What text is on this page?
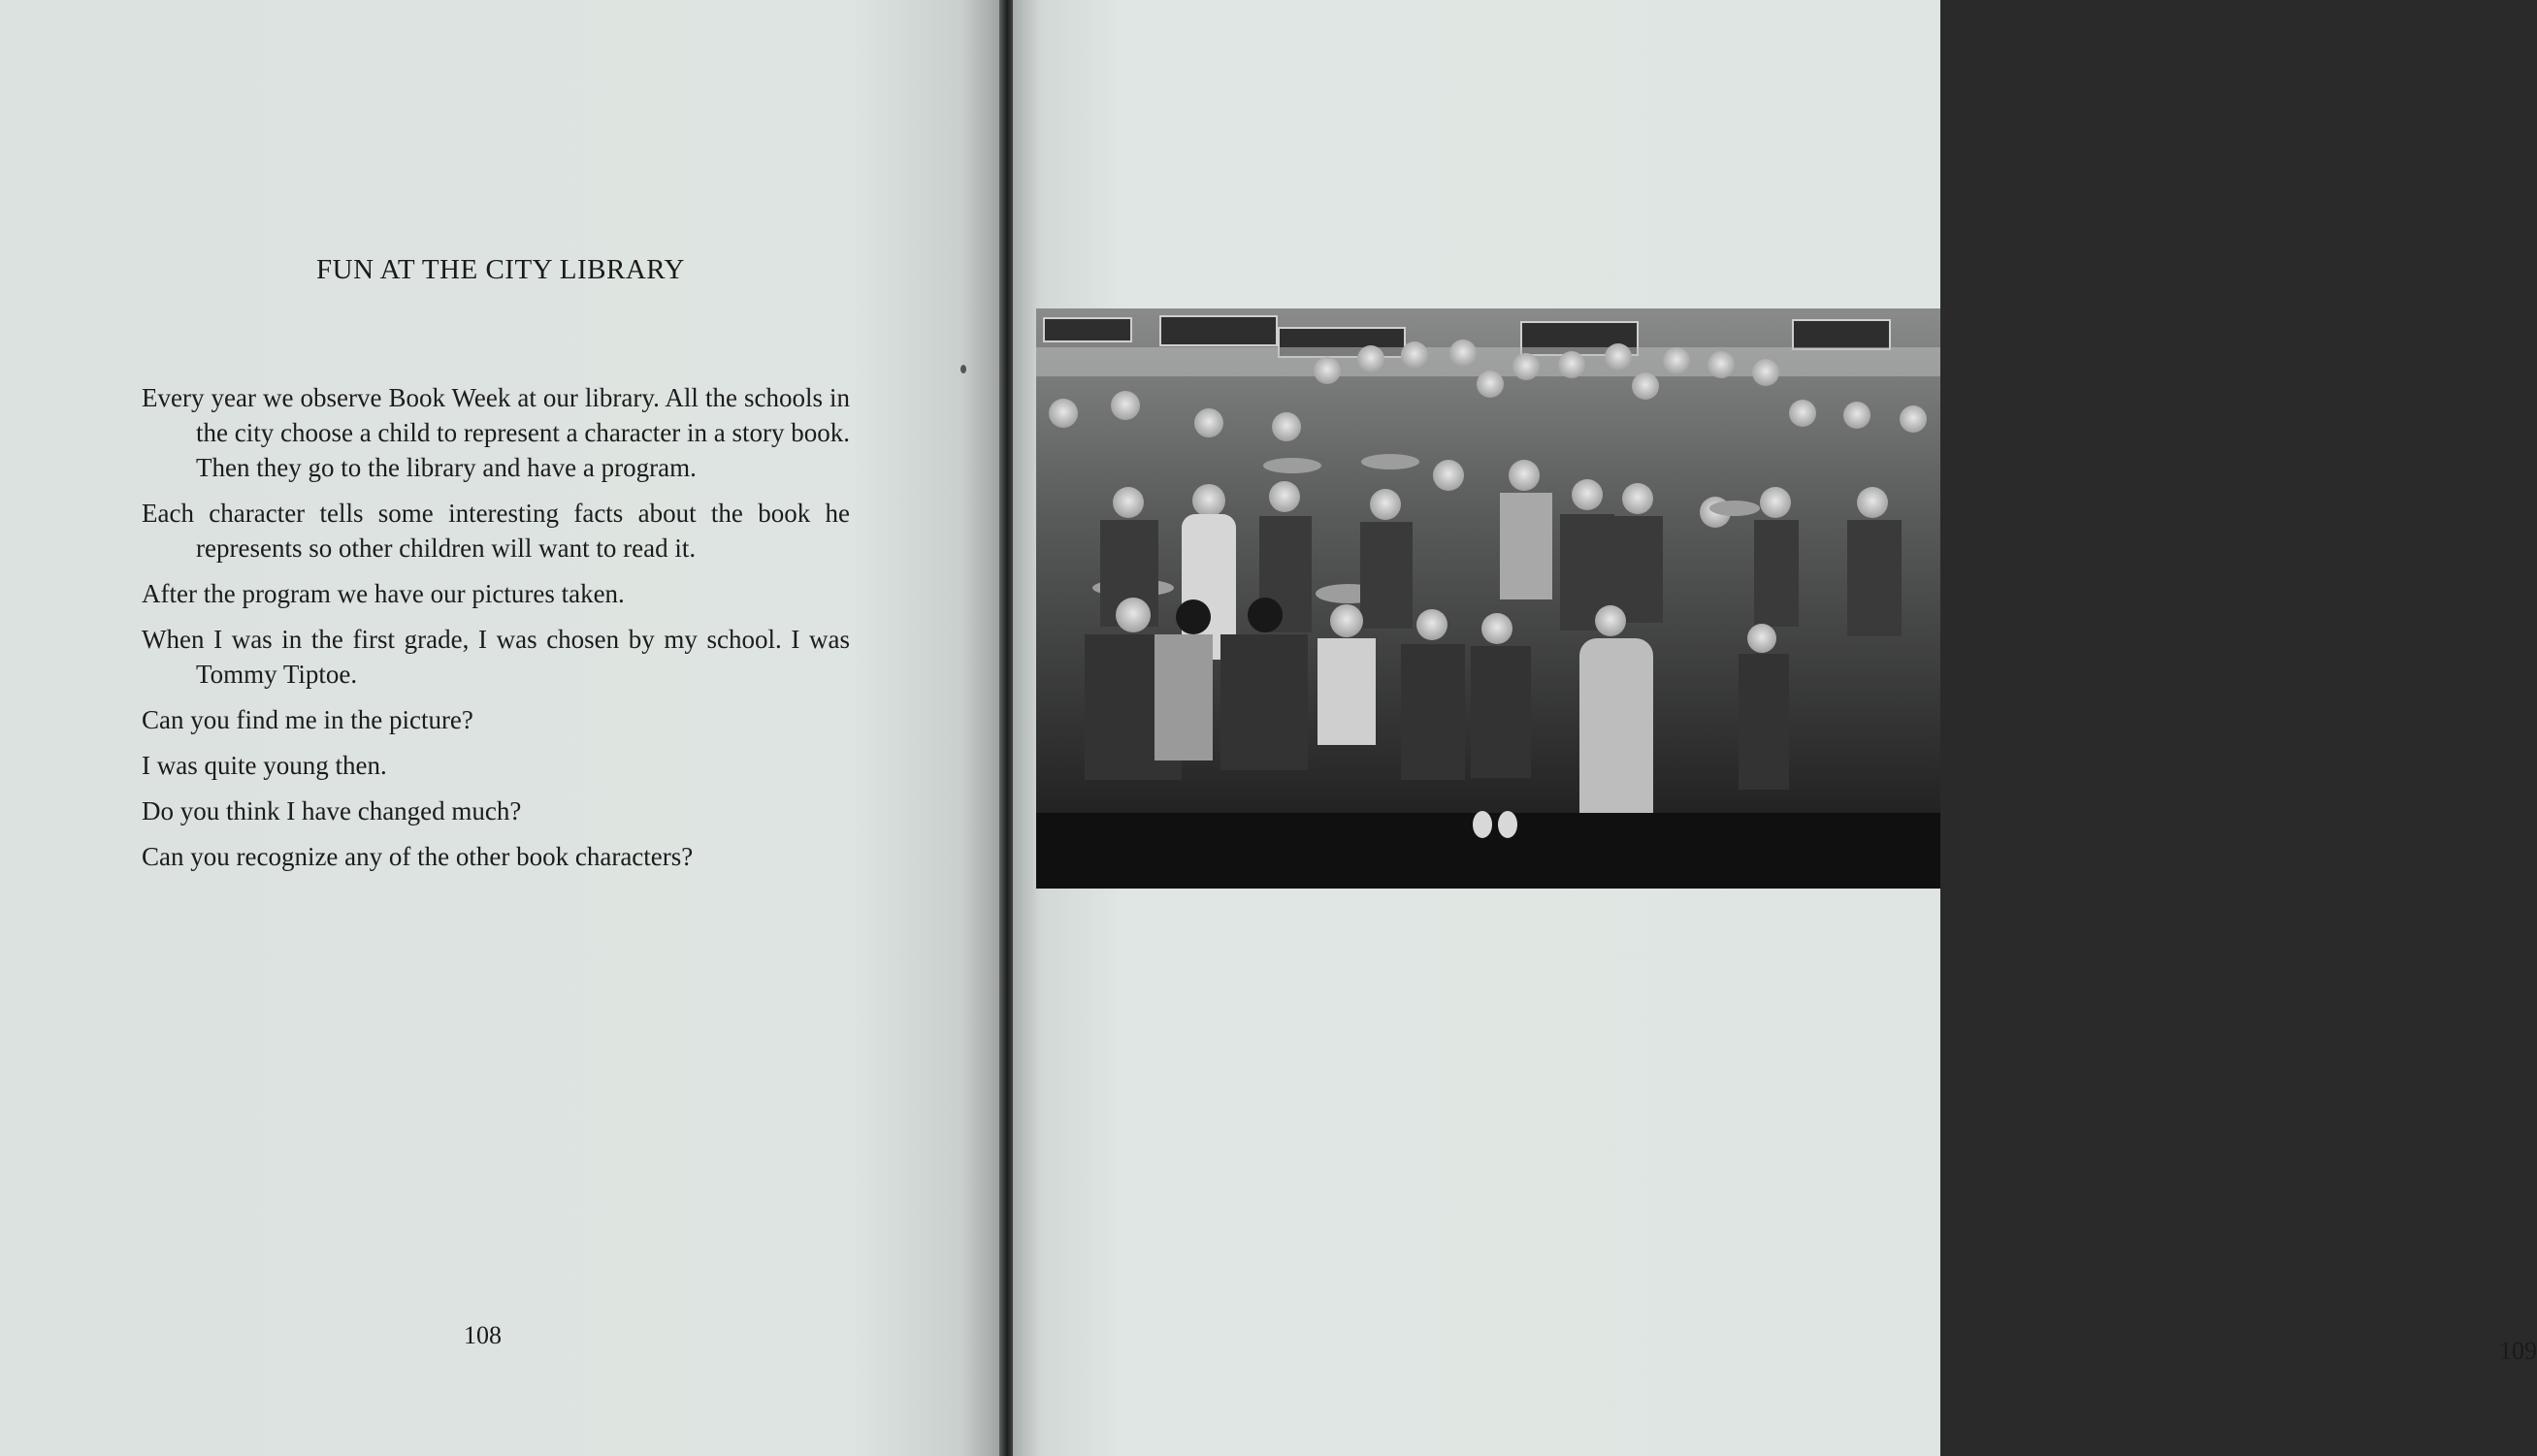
FUN AT THE CITY LIBRARY

Every year we observe Book Week at our library. All the schools in the city choose a child to represent a character in a story book. Then they go to the library and have a program.

Each character tells some interesting facts about the book he represents so other children will want to read it.

After the program we have our pictures taken.

When I was in the first grade, I was chosen by my school. I was Tommy Tiptoe.

Can you find me in the picture?

I was quite young then.

Do you think I have changed much?

Can you recognize any of the other book characters?

108
109
